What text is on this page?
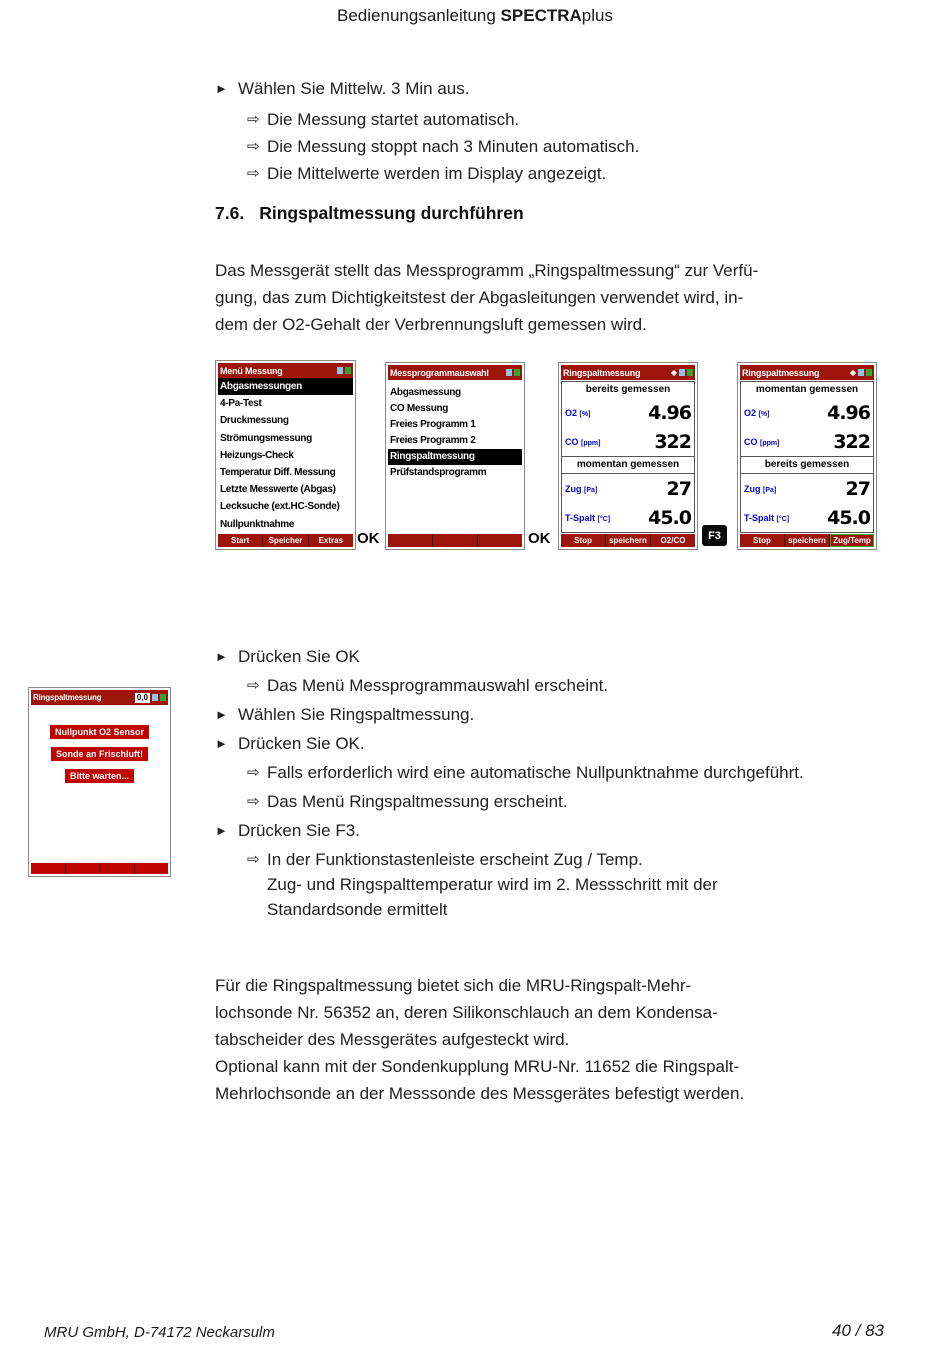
Bedienungsanleitung SPECTRAplus
► Wählen Sie Mittelw. 3 Min aus.
⇨ Die Messung startet automatisch.
⇨ Die Messung stoppt nach 3 Minuten automatisch.
⇨ Die Mittelwerte werden im Display angezeigt.
7.6. Ringspaltmessung durchführen
Das Messgerät stellt das Messprogramm „Ringspaltmessung“ zur Verfü-
gung, das zum Dichtigkeitstest der Abgasleitungen verwendet wird, in-
dem der O2-Gehalt der Verbrennungsluft gemessen wird.
Menü Messung
Abgasmessungen
4-Pa-Test
Druckmessung
Strömungsmessung
Heizungs-Check
Temperatur Diff. Messung
Letzte Messwerte (Abgas)
Lecksuche (ext.HC-Sonde)
Nullpunktnahme
Start	Speicher	Extras OK
Messprogrammauswahl
Abgasmessung
CO Messung
Freies Programm 1
Freies Programm 2
Ringspaltmessung
Prüfstandsprogramm
OK
Ringspaltmessung
bereits gemessen
O2 [%]	4.96
CO [ppm]	322
momentan gemessen
Zug [Pa]	27
T-Spalt [°C] 45.0
Stop	speichern	O2/CO	F3
Ringspaltmessung
momentan gemessen
O2 [%]	4.96
CO [ppm]	322
bereits gemessen
Zug [Pa]	27
T-Spalt [°C] 45.0
Stop	speichern Zug/Temp
Ringspaltmessung	0,0
Nullpunkt O2 Sensor
Sonde an Frischluft!
Bitte warten...
► Drücken Sie OK
⇨ Das Menü Messprogrammauswahl erscheint.
► Wählen Sie Ringspaltmessung.
► Drücken Sie OK.
⇨ Falls erforderlich wird eine automatische Nullpunktnahme durchgeführt.
⇨ Das Menü Ringspaltmessung erscheint.
► Drücken Sie F3.
⇨ In der Funktionstastenleiste erscheint Zug / Temp.
Zug- und Ringspalttemperatur wird im 2. Messschritt mit der Standardsonde ermittelt
Für die Ringspaltmessung bietet sich die MRU-Ringspalt-Mehr-
lochsonde Nr. 56352 an, deren Silikonschlauch an dem Kondensa-
tabscheider des Messgerätes aufgesteckt wird.
Optional kann mit der Sondenkupplung MRU-Nr. 11652 die Ringspalt-
Mehrlochsonde an der Messsonde des Messgerätes befestigt werden.
MRU GmbH, D-74172 Neckarsulm	40 / 83
